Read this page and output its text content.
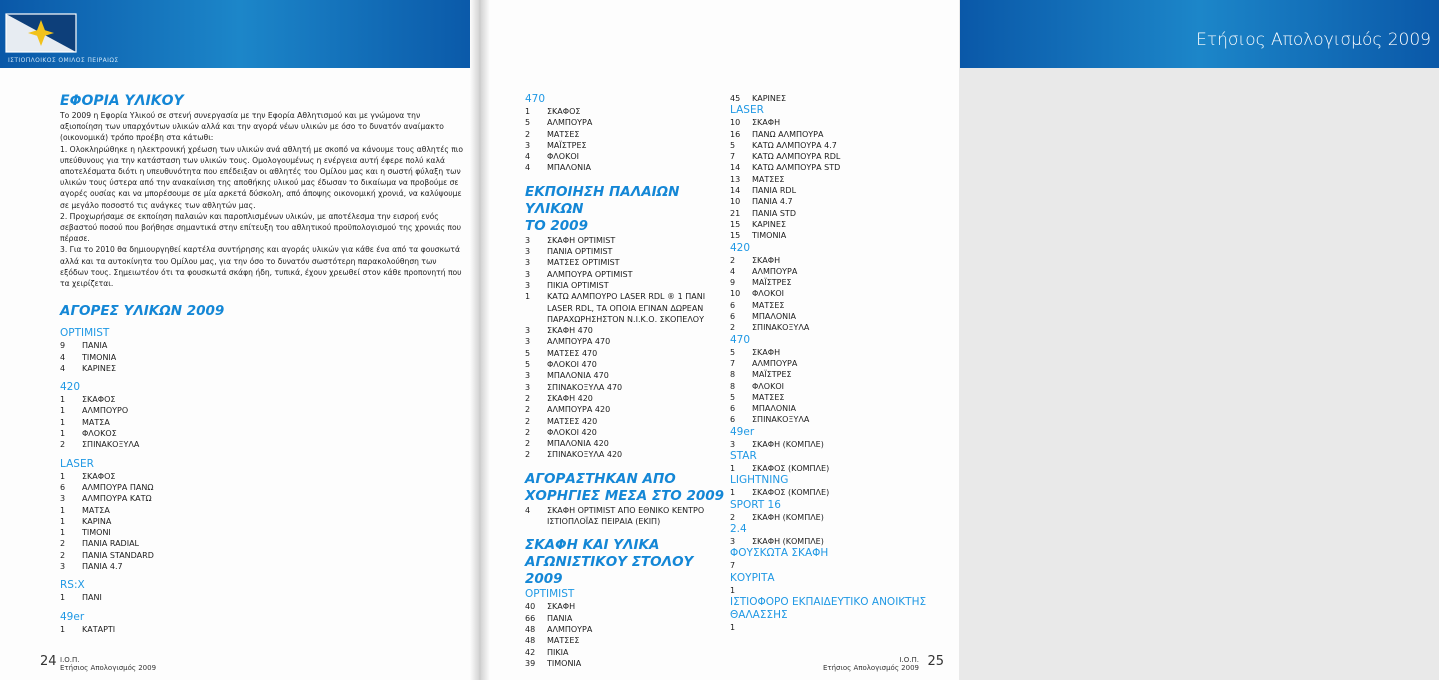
ΙΣΤΙΟΠΛΟΙΚΟΣ ΟΜΙΛΟΣ ΠΕΙΡΑΙΩΣ
ΕΦΟΡΙΑ ΥΛΙΚΟΥ

Το 2009 η Εφορία Υλικού σε στενή συνεργασία με την Εφορία Αθλητισμού και με γνώμονα την αξιοποίηση των υπαρχόντων υλικών αλλά και την αγορά νέων υλικών με όσο το δυνατόν αναίμακτο (οικονομικά) τρόπο προέβη στα κάτωθι:

1. Ολοκληρώθηκε η ηλεκτρονική χρέωση των υλικών ανά αθλητή με σκοπό να κάνουμε τους αθλητές πιο υπεύθυνους για την κατάσταση των υλικών τους. Ομολογουμένως η ενέργεια αυτή έφερε πολύ καλά αποτελέσματα διότι η υπευθυνότητα που επέδειξαν οι αθλητές του Ομίλου μας και η σωστή φύλαξη των υλικών τους ύστερα από την ανακαίνιση της αποθήκης υλικού μας έδωσαν το δικαίωμα να προβούμε σε αγορές ουσίας και να μπορέσουμε σε μία αρκετά δύσκολη, από άποψης οικονομική χρονιά, να καλύψουμε σε μεγάλο ποσοστό τις ανάγκες των αθλητών μας.

2. Προχωρήσαμε σε εκποίηση παλαιών και παροπλισμένων υλικών, με αποτέλεσμα την εισροή ενός σεβαστού ποσού που βοήθησε σημαντικά στην επίτευξη του αθλητικού προϋπολογισμού της χρονιάς που πέρασε.

3. Για το 2010 θα δημιουργηθεί καρτέλα συντήρησης και αγοράς υλικών για κάθε ένα από τα φουσκωτά αλλά και τα αυτοκίνητα του Ομίλου μας, για την όσο το δυνατόν σωστότερη παρακολούθηση των εξόδων τους. Σημειωτέον ότι τα φουσκωτά σκάφη ήδη, τυπικά, έχουν χρεωθεί στον κάθε προπονητή που τα χειρίζεται.

ΑΓΟΡΕΣ ΥΛΙΚΩΝ 2009
OPTIMIST
9	ΠΑΝΙΑ
4	ΤΙΜΟΝΙΑ
4	ΚΑΡΙΝΕΣ
420
1	ΣΚΑΦΟΣ
1	ΑΛΜΠΟΥΡΟ
1	ΜΑΤΣΑ
1	ΦΛΟΚΟΣ
2	ΣΠΙΝΑΚΟΞΥΛΑ
LASER
1	ΣΚΑΦΟΣ
6	ΑΛΜΠΟΥΡΑ ΠΑΝΩ
3	ΑΛΜΠΟΥΡΑ ΚΑΤΩ
1	ΜΑΤΣΑ
1	ΚΑΡΙΝΑ
1	ΤΙΜΟΝΙ
2	ΠΑΝΙΑ RADIAL
2	ΠΑΝΙΑ STANDARD
3	ΠΑΝΙΑ 4.7
RS:X
1	ΠΑΝΙ
49er
1	ΚΑΤΑΡΤΙ
24 Ι.Ο.Π.
Ετήσιος Απολογισμός 2009
Ετήσιος Απολογισμός 2009
470
1	ΣΚΑΦΟΣ
5	ΑΛΜΠΟΥΡΑ
2	ΜΑΤΣΕΣ
3	ΜΑΪΣΤΡΕΣ
4	ΦΛΟΚΟΙ
4	ΜΠΑΛΟΝΙΑ
ΕΚΠΟΙΗΣΗ ΠΑΛΑΙΩΝ ΥΛΙΚΩΝ
ΤΟ 2009
3	ΣΚΑΦΗ OPTIMIST
3	ΠΑΝΙΑ OPTIMIST
3	ΜΑΤΣΕΣ OPTIMIST
3	ΑΛΜΠΟΥΡΑ OPTIMIST
3	ΠΙΚΙΑ OPTIMIST
1	ΚΑΤΩ ΑΛΜΠΟΥΡΟ LASER RDL ® 1 ΠΑΝΙ
LASER RDL, ΤΑ ΟΠΟΙΑ ΕΓΙΝΑΝ ΔΩΡΕΑΝ
ΠΑΡΑΧΩΡΗΣΗΣΤΟΝ Ν.Ι.Κ.Ο. ΣΚΟΠΕΛΟΥ
3	ΣΚΑΦΗ 470
3	ΑΛΜΠΟΥΡΑ 470
5	ΜΑΤΣΕΣ 470
5	ΦΛΟΚΟΙ 470
3	ΜΠΑΛΟΝΙΑ 470
3	ΣΠΙΝΑΚΟΞΥΛΑ 470
2	ΣΚΑΦΗ 420
2	ΑΛΜΠΟΥΡΑ 420
2	ΜΑΤΣΕΣ 420
2	ΦΛΟΚΟΙ 420
2	ΜΠΑΛΟΝΙΑ 420
2	ΣΠΙΝΑΚΟΞΥΛΑ 420
ΑΓΟΡΑΣΤΗΚΑΝ ΑΠΟ
ΧΟΡΗΓΙΕΣ ΜΕΣΑ ΣΤΟ 2009
4	ΣΚΑΦΗ OPTIMIST ΑΠΟ ΕΘΝΙΚΟ ΚΕΝΤΡΟ
ΙΣΤΙΟΠΛΟΪΑΣ ΠΕΙΡΑΙΑ (ΕΚΙΠ)
ΣΚΑΦΗ ΚΑΙ ΥΛΙΚΑ
ΑΓΩΝΙΣΤΙΚΟΥ ΣΤΟΛΟΥ 2009
OPTIMIST
40	ΣΚΑΦΗ
66	ΠΑΝΙΑ
48	ΑΛΜΠΟΥΡΑ
48	ΜΑΤΣΕΣ
42	ΠΙΚΙΑ
39	ΤΙΜΟΝΙΑ
45	ΚΑΡΙΝΕΣ
LASER
10	ΣΚΑΦΗ
16	ΠΑΝΩ ΑΛΜΠΟΥΡΑ
5	ΚΑΤΩ ΑΛΜΠΟΥΡΑ 4.7
7	ΚΑΤΩ ΑΛΜΠΟΥΡΑ RDL
14	ΚΑΤΩ ΑΛΜΠΟΥΡΑ STD
13	ΜΑΤΣΕΣ
14	ΠΑΝΙΑ RDL
10	ΠΑΝΙΑ 4.7
21	ΠΑΝΙΑ STD
15	ΚΑΡΙΝΕΣ
15	ΤΙΜΟΝΙΑ
420
2	ΣΚΑΦΗ
4	ΑΛΜΠΟΥΡΑ
9	ΜΑΪΣΤΡΕΣ
10	ΦΛΟΚΟΙ
6	ΜΑΤΣΕΣ
6	ΜΠΑΛΟΝΙΑ
2	ΣΠΙΝΑΚΟΞΥΛΑ
470
5	ΣΚΑΦΗ
7	ΑΛΜΠΟΥΡΑ
8	ΜΑΪΣΤΡΕΣ
8	ΦΛΟΚΟΙ
5	ΜΑΤΣΕΣ
6	ΜΠΑΛΟΝΙΑ
6	ΣΠΙΝΑΚΟΞΥΛΑ
49er
3	ΣΚΑΦΗ (ΚΟΜΠΛΕ)
STAR
1	ΣΚΑΦΟΣ (ΚΟΜΠΛΕ)
LIGHTNING
1	ΣΚΑΦΟΣ (ΚΟΜΠΛΕ)
SPORT 16
2	ΣΚΑΦΗ (ΚΟΜΠΛΕ)
2.4
3	ΣΚΑΦΗ (ΚΟΜΠΛΕ)
ΦΟΥΣΚΩΤΑ ΣΚΑΦΗ
7
ΚΟΥΡΙΤΑ
1
ΙΣΤΙΟΦΟΡΟ ΕΚΠΑΙΔΕΥΤΙΚΟ ΑΝΟΙΚΤΗΣ ΘΑΛΑΣΣΗΣ
1
25
Ι.Ο.Π.
Ετήσιος Απολογισμός 2009
